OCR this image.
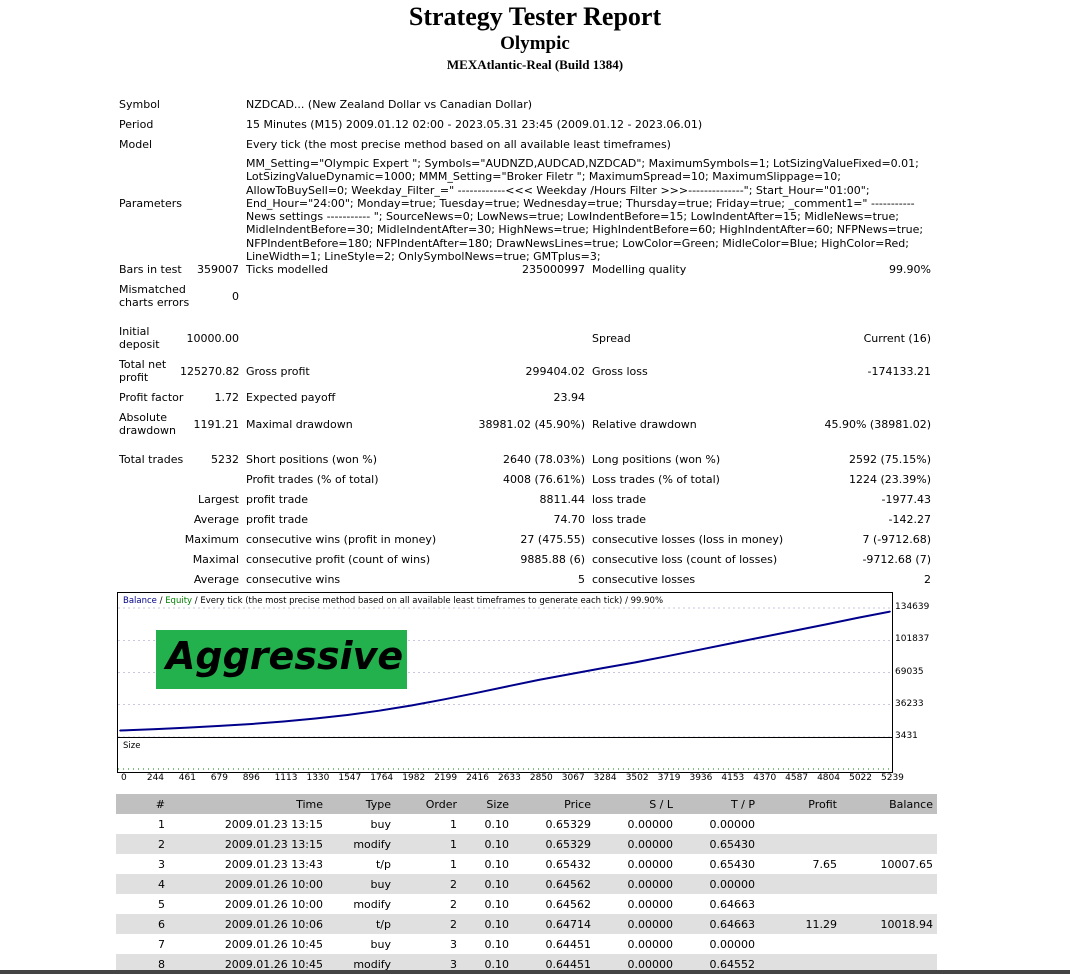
Strategy Tester Report
Olympic
MEXAtlantic-Real (Build 1384)
Symbol	NZDCAD... (New Zealand Dollar vs Canadian Dollar)
Period	15 Minutes (M15) 2009.01.12 02:00 - 2023.05.31 23:45 (2009.01.12 - 2023.06.01)
Model	Every tick (the most precise method based on all available least timeframes)
Parameters
MM_Setting="Olympic Expert "; Symbols="AUDNZD,AUDCAD,NZDCAD"; MaximumSymbols=1; LotSizingValueFixed=0.01; LotSizingValueDynamic=1000; MMM_Setting="Broker Filetr "; MaximumSpread=10; MaximumSlippage=10; AllowToBuySell=0; Weekday_Filter_=" ------------<<< Weekday /Hours Filter >>>--------------"; Start_Hour="01:00"; End_Hour="24:00"; Monday=true; Tuesday=true; Wednesday=true; Thursday=true; Friday=true; _comment1=" ----------- News settings ----------- "; SourceNews=0; LowNews=true; LowIndentBefore=15; LowIndentAfter=15; MidleNews=true; MidleIndentBefore=30; MidleIndentAfter=30; HighNews=true; HighIndentBefore=60; HighIndentAfter=60; NFPNews=true; NFPIndentBefore=180; NFPIndentAfter=180; DrawNewsLines=true; LowColor=Green; MidleColor=Blue; HighColor=Red; LineWidth=1; LineStyle=2; OnlySymbolNews=true; GMTplus=3;
Bars in test	359007 Ticks modelled	235000997 Modelling quality	99.90%
Mismatched
charts errors	0
Initial
deposit	10000.00	Spread	Current (16)
Total net
profit	125270.82 Gross profit	299404.02 Gross loss	-174133.21
Profit factor	1.72 Expected payoff	23.94
Absolute
drawdown	1191.21 Maximal drawdown	38981.02 (45.90%) Relative drawdown	45.90% (38981.02)
Total trades	5232 Short positions (won %)	2640 (78.03%) Long positions (won %)	2592 (75.15%)
Profit trades (% of total)	4008 (76.61%) Loss trades (% of total)	1224 (23.39%)
Largest profit trade	8811.44 loss trade	-1977.43
Average profit trade	74.70 loss trade	-142.27
Maximum consecutive wins (profit in money)	27 (475.55) consecutive losses (loss in money)	7 (-9712.68)
Maximal consecutive profit (count of wins)	9885.88 (6) consecutive loss (count of losses)	-9712.68 (7)
Average consecutive wins	5 consecutive losses	2
Balance / Equity / Every tick (the most precise method based on all available least timeframes to generate each tick) / 99.90%
134639
101837
69035
36233
3431
Aggressive
Size
0 244 461 679 896 1113 1330 1547 1764 1982 2199 2416 2633 2850 3067 3284 3502 3719 3936 4153 4370 4587 4804 5022 5239
#	Time	Type	Order	Size	Price	S / L	T / P	Profit	Balance
1	2009.01.23 13:15	buy	1	0.10	0.65329	0.00000	0.00000		
2	2009.01.23 13:15	modify	1	0.10	0.65329	0.00000	0.65430		
3	2009.01.23 13:43	t/p	1	0.10	0.65432	0.00000	0.65430	7.65	10007.65
4	2009.01.26 10:00	buy	2	0.10	0.64562	0.00000	0.00000		
5	2009.01.26 10:00	modify	2	0.10	0.64562	0.00000	0.64663		
6	2009.01.26 10:06	t/p	2	0.10	0.64714	0.00000	0.64663	11.29	10018.94
7	2009.01.26 10:45	buy	3	0.10	0.64451	0.00000	0.00000		
8	2009.01.26 10:45	modify	3	0.10	0.64451	0.00000	0.64552		
